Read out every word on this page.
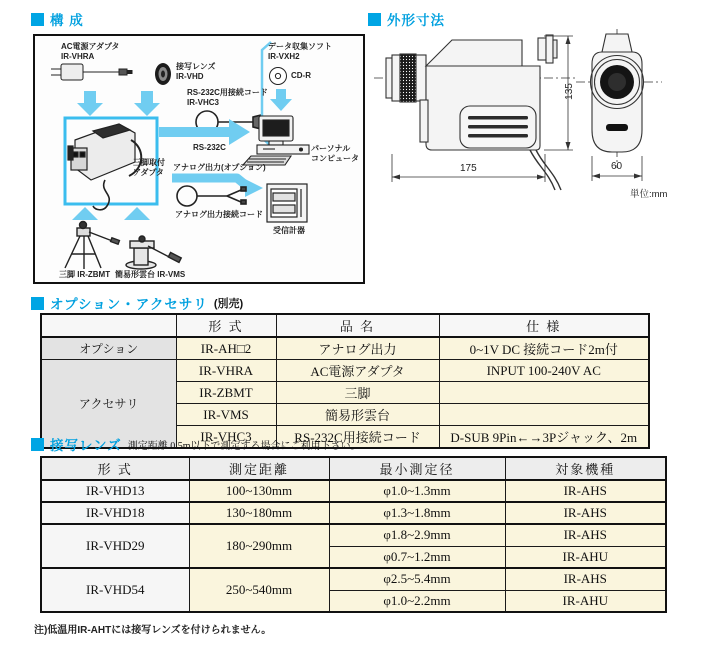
構 成
AC電源アダプタ
IR-VHRA
接写レンズ
IR-VHD
データ収集ソフト
IR-VXH2
CD-R
RS-232C用接続コード
IR-VHC3
RS-232C	パーソナル
コンピュータ
三脚取付
アダプタ
アナログ出力(オプション)
アナログ出力接続コード
受信計器
三脚 IR-ZBMT 簡易形雲台 IR-VMS
外形寸法
175
135
60
単位:mm
オプション・アクセサリ (別売)
	形 式	品 名	仕 様
オプション	IR-AH□2	アナログ出力	0~1V DC 接続コード2m付
アクセサリ	IR-VHRA	AC電源アダプタ	INPUT 100-240V AC
	IR-ZBMT	三脚	
	IR-VMS	簡易形雲台	
	IR-VHC3	RS-232C用接続コード	D-SUB 9Pin←→3Pジャック、2m
接写レンズ 測定距離 0.5m以下で測定する場合にご利用下さい。
形 式	測定距離	最小測定径	対象機種
IR-VHD13	100~130mm	φ1.0~1.3mm	IR-AHS
IR-VHD18	130~180mm	φ1.3~1.8mm	IR-AHS
IR-VHD29	180~290mm	φ1.8~2.9mm	IR-AHS
		φ0.7~1.2mm	IR-AHU
IR-VHD54	250~540mm	φ2.5~5.4mm	IR-AHS
		φ1.0~2.2mm	IR-AHU
注)低温用IR-AHTには接写レンズを付けられません。
